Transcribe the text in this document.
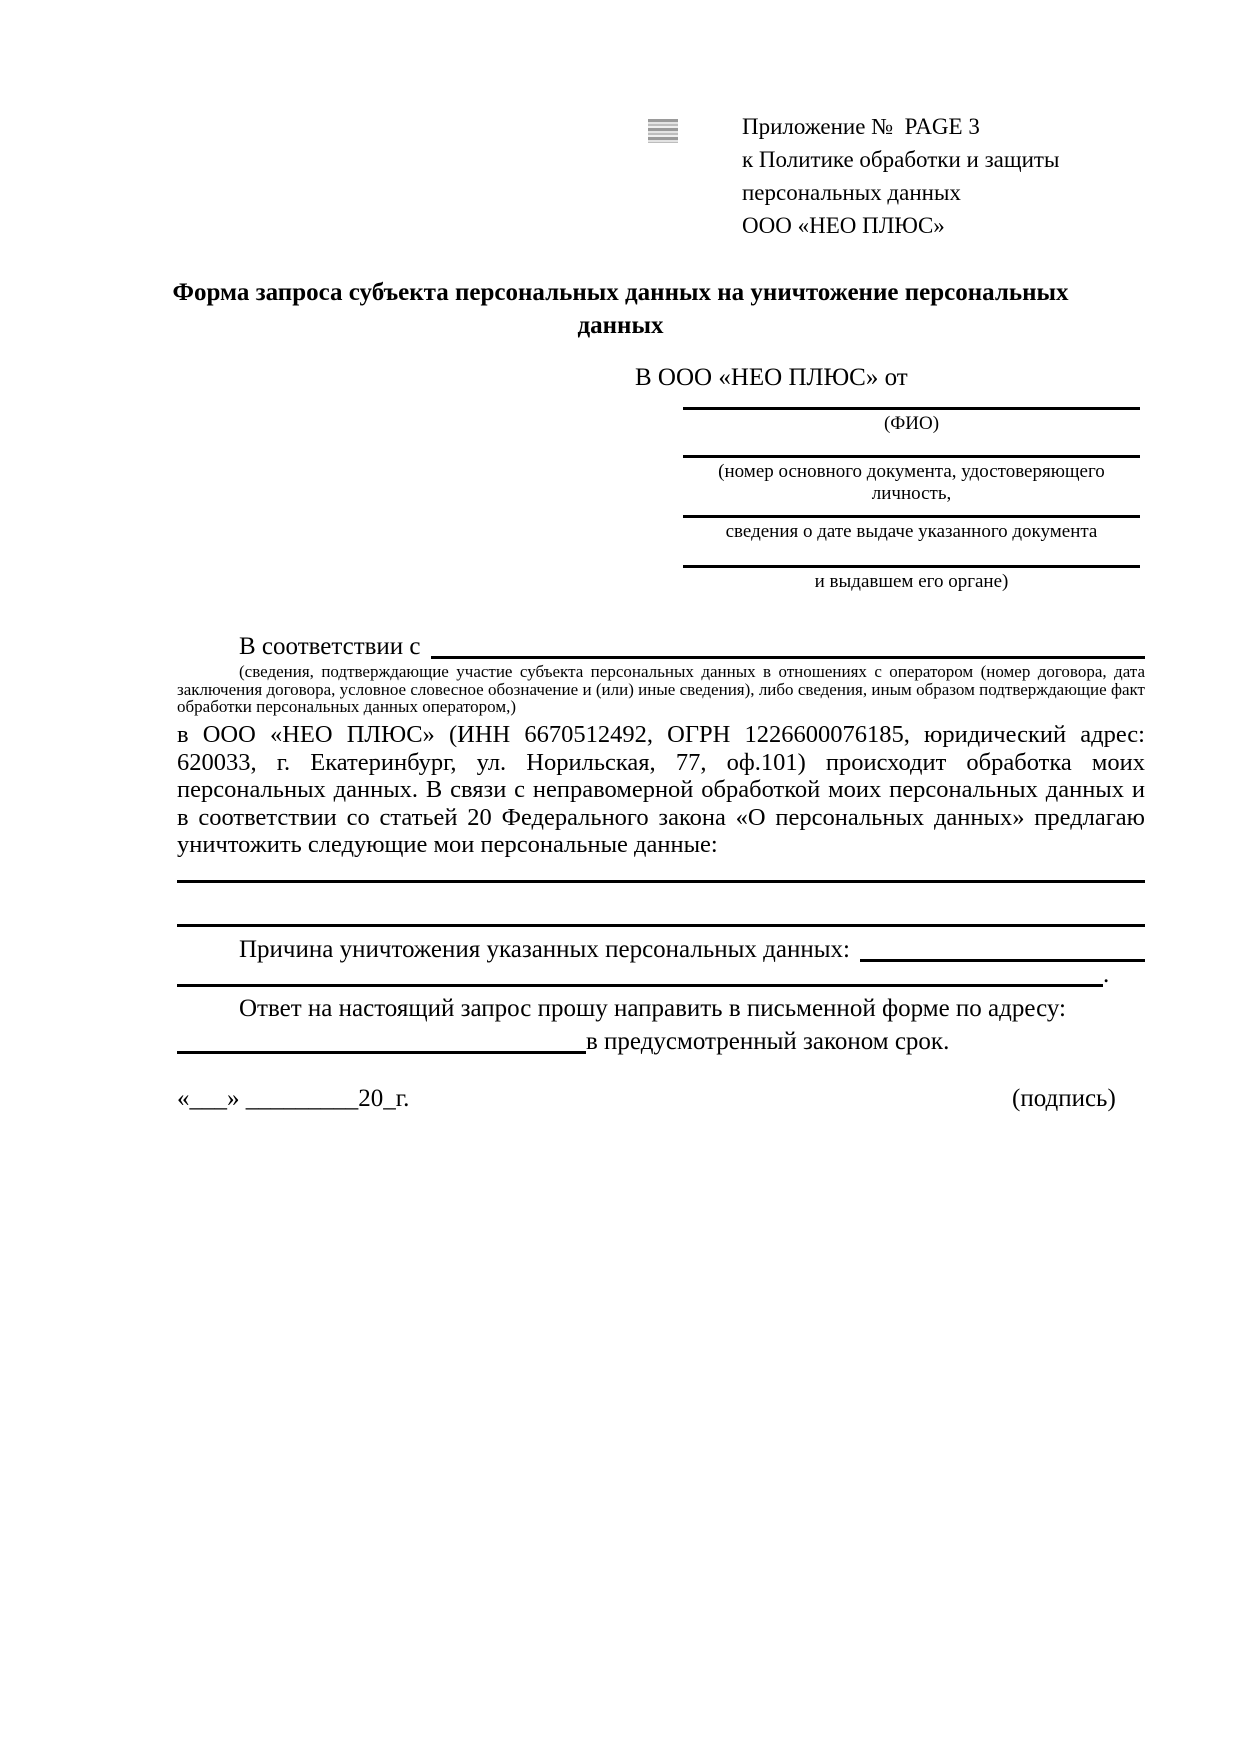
Приложение №  PAGE 3
к Политике обработки и защиты
персональных данных
ООО «НЕО ПЛЮС»
Форма запроса субъекта персональных данных на уничтожение персональных данных
В ООО «НЕО ПЛЮС» от
(ФИО)
(номер основного документа, удостоверяющего личность,
сведения о дате выдаче указанного документа
и выдавшем его органе)
В соответствии с
(сведения, подтверждающие участие субъекта персональных данных в отношениях с оператором (номер договора, дата
заключения договора, условное словесное обозначение и (или) иные сведения), либо сведения, иным образом подтверждающие факт
обработки персональных данных оператором,)
в ООО «НЕО ПЛЮС» (ИНН 6670512492, ОГРН 1226600076185, юридический адрес:
620033, г. Екатеринбург, ул. Норильская, 77, оф.101) происходит обработка моих
персональных данных. В связи с неправомерной обработкой моих персональных данных и
в соответствии со статьей 20 Федерального закона «О персональных данных» предлагаю
уничтожить следующие мои персональные данные:
Причина уничтожения указанных персональных данных:
.
Ответ на настоящий запрос прошу направить в письменной форме по адресу:
в предусмотренный законом срок.
«___» _________20_г.	(подпись)
